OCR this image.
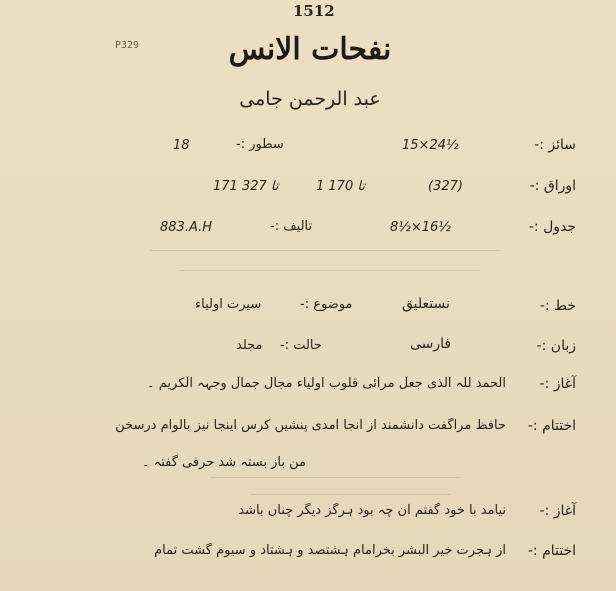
1512
P329	نفحات الانس
عبد الرحمن جامی
سائز :-
15×24½
سطور :-
18
اوراق :-
(327)
1 تا 170
171 تا 327
جدول :-
8½×16½
تالیف :-
883.A.H
خط :-
نستعلیق
موضوع :-
سیرت اولیاء
زبان :-
فارسی
حالت :-
مجلد
آغاز :-
الحمد للہ الذی جعل مرائی قلوب اولیاء مجال جمال وجہہ الکریم ۔
اختتام :-
حافظ مراگفت دانشمند از آنجا آمدی پنشیں کرس اینجا نیز بالوام درسخن
من باز بستہ شد حرفی گفتہ ۔
آغاز :-
نیامد با خود گفتم آن چہ بود ہرگز دیگر چناں باشد
اختتام :-
از ہجرت خیر البشر بخرامام ہشتصد و ہشتاد و سیوم گشت تمام
